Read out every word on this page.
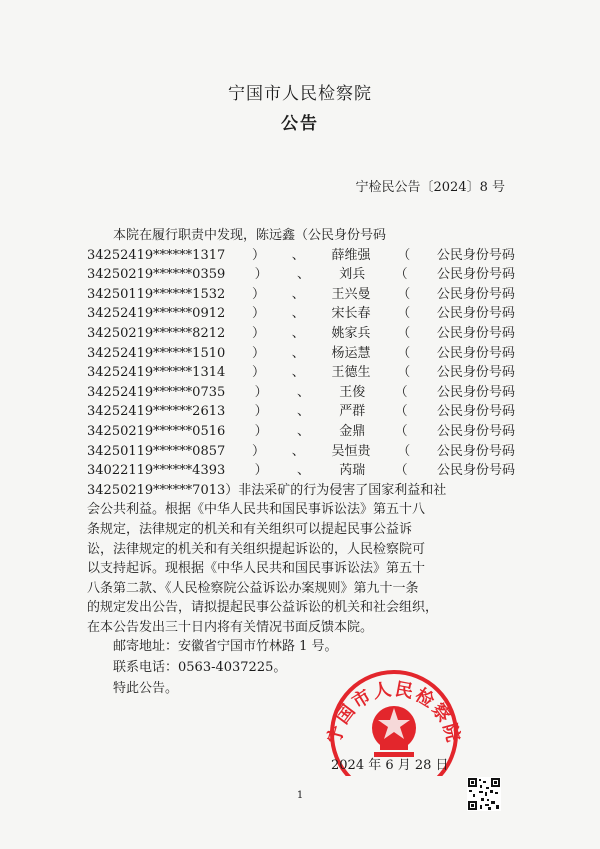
宁国市人民检察院
公告
宁检民公告〔2024〕8 号
本院在履行职责中发现，陈远鑫（公民身份号码
34252419******1317 ） 、 薛维强 （ 公民身份号码
34250219******0359 ） 、 刘兵 （ 公民身份号码
34250119******1532 ） 、 王兴曼 （ 公民身份号码
34252419******0912 ） 、 宋长春 （ 公民身份号码
34250219******8212 ） 、 姚家兵 （ 公民身份号码
34252419******1510 ） 、 杨运慧 （ 公民身份号码
34252419******1314 ） 、 王德生 （ 公民身份号码
34252419******0735 ） 、 王俊 （ 公民身份号码
34252419******2613 ） 、 严群 （ 公民身份号码
34250219******0516 ） 、 金鼎 （ 公民身份号码
34250119******0857 ） 、 吴恒贵 （ 公民身份号码
34022119******4393 ） 、 芮瑞 （ 公民身份号码
34250219******7013）非法采矿的行为侵害了国家利益和社
会公共利益。根据《中华人民共和国民事诉讼法》第五十八
条规定，法律规定的机关和有关组织可以提起民事公益诉
讼，法律规定的机关和有关组织提起诉讼的，人民检察院可
以支持起诉。现根据《中华人民共和国民事诉讼法》第五十
八条第二款、《人民检察院公益诉讼办案规则》第九十一条
的规定发出公告，请拟提起民事公益诉讼的机关和社会组织，
在本公告发出三十日内将有关情况书面反馈本院。
邮寄地址：安徽省宁国市竹林路 1 号。
联系电话：0563-4037225。
特此公告。
宁国市人民检察院
2024 年 6 月 28 日
1
